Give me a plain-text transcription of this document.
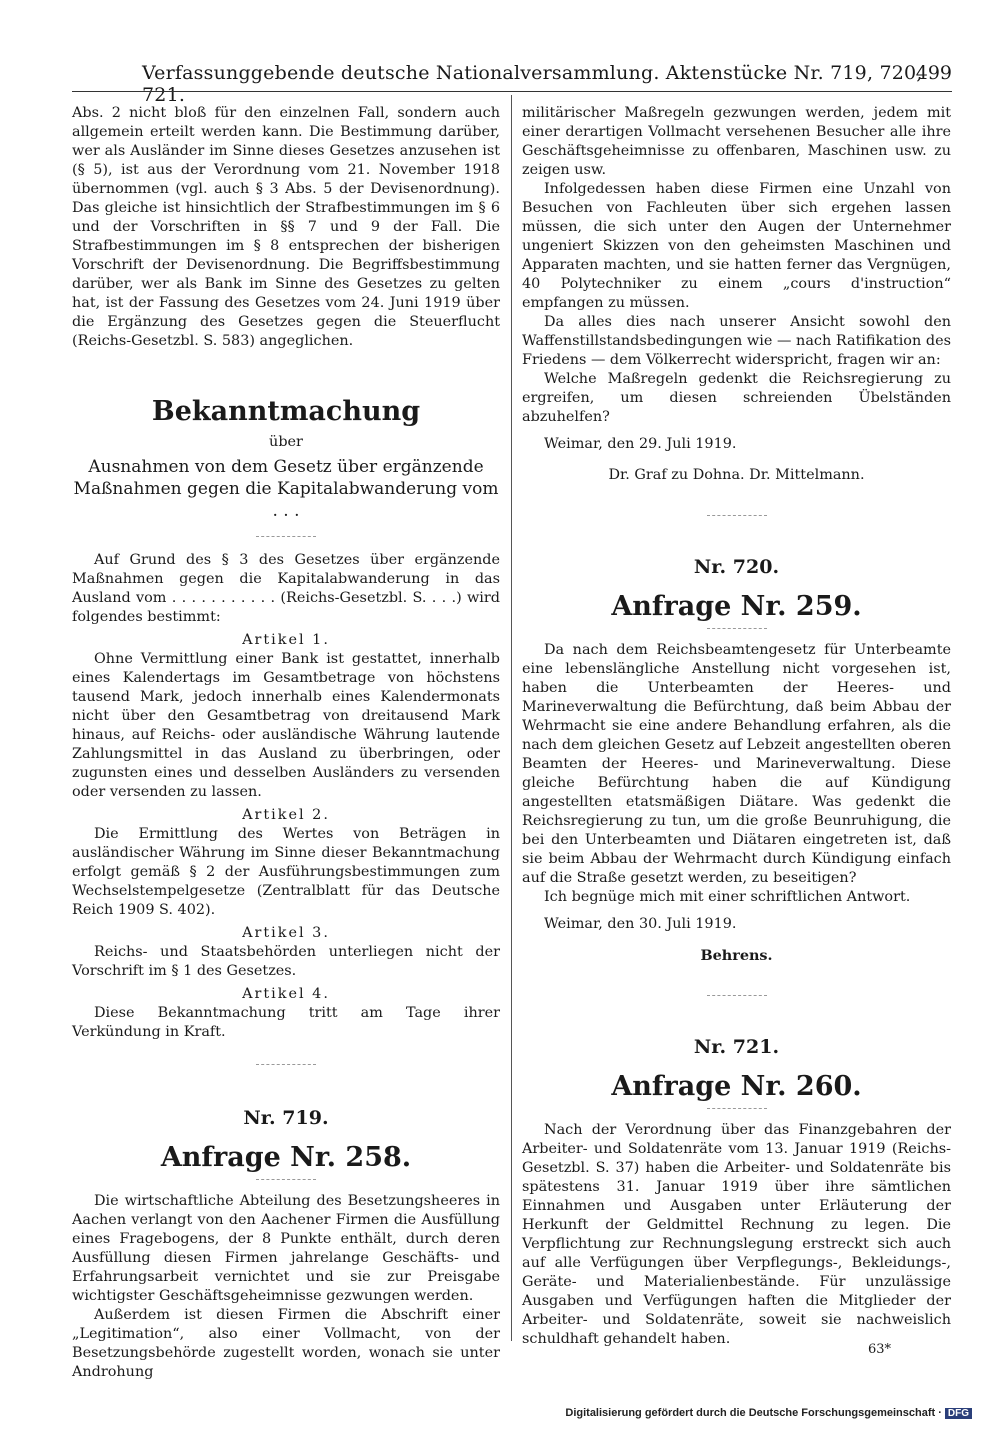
Verfassunggebende deutsche Nationalversammlung. Aktenstücke Nr. 719, 720, 721.
499

Abs. 2 nicht bloß für den einzelnen Fall, sondern auch allgemein erteilt werden kann. Die Bestimmung darüber, wer als Ausländer im Sinne dieses Gesetzes anzusehen ist (§ 5), ist aus der Verordnung vom 21. November 1918 übernommen (vgl. auch § 3 Abs. 5 der Devisenordnung). Das gleiche ist hinsichtlich der Strafbestimmungen im § 6 und der Vorschriften in §§ 7 und 9 der Fall. Die Strafbestimmungen im § 8 entsprechen der bisherigen Vorschrift der Devisenordnung. Die Begriffsbestimmung darüber, wer als Bank im Sinne des Gesetzes zu gelten hat, ist der Fassung des Gesetzes vom 24. Juni 1919 über die Ergänzung des Gesetzes gegen die Steuerflucht (Reichs-Gesetzbl. S. 583) angeglichen.

Bekanntmachung
über
Ausnahmen von dem Gesetz über ergänzende Maßnahmen gegen die Kapitalabwanderung vom . . .

Auf Grund des § 3 des Gesetzes über ergänzende Maßnahmen gegen die Kapitalabwanderung in das Ausland vom . . . . . . . . . . . (Reichs-Gesetzbl. S. . . .) wird folgendes bestimmt:

Artikel 1.

Ohne Vermittlung einer Bank ist gestattet, innerhalb eines Kalendertags im Gesamtbetrage von höchstens tausend Mark, jedoch innerhalb eines Kalendermonats nicht über den Gesamtbetrag von dreitausend Mark hinaus, auf Reichs- oder ausländische Währung lautende Zahlungsmittel in das Ausland zu überbringen, oder zugunsten eines und desselben Ausländers zu versenden oder versenden zu lassen.

Artikel 2.

Die Ermittlung des Wertes von Beträgen in ausländischer Währung im Sinne dieser Bekanntmachung erfolgt gemäß § 2 der Ausführungsbestimmungen zum Wechselstempelgesetze (Zentralblatt für das Deutsche Reich 1909 S. 402).

Artikel 3.

Reichs- und Staatsbehörden unterliegen nicht der Vorschrift im § 1 des Gesetzes.

Artikel 4.

Diese Bekanntmachung tritt am Tage ihrer Verkündung in Kraft.

Nr. 719.
Anfrage Nr. 258.

Die wirtschaftliche Abteilung des Besetzungsheeres in Aachen verlangt von den Aachener Firmen die Ausfüllung eines Fragebogens, der 8 Punkte enthält, durch deren Ausfüllung diesen Firmen jahrelange Geschäfts- und Erfahrungsarbeit vernichtet und sie zur Preisgabe wichtigster Geschäftsgeheimnisse gezwungen werden.

Außerdem ist diesen Firmen die Abschrift einer „Legitimation“, also einer Vollmacht, von der Besetzungsbehörde zugestellt worden, wonach sie unter Androhung

militärischer Maßregeln gezwungen werden, jedem mit einer derartigen Vollmacht versehenen Besucher alle ihre Geschäftsgeheimnisse zu offenbaren, Maschinen usw. zu zeigen usw.

Infolgedessen haben diese Firmen eine Unzahl von Besuchen von Fachleuten über sich ergehen lassen müssen, die sich unter den Augen der Unternehmer ungeniert Skizzen von den geheimsten Maschinen und Apparaten machten, und sie hatten ferner das Vergnügen, 40 Polytechniker zu einem „cours d'instruction“ empfangen zu müssen.

Da alles dies nach unserer Ansicht sowohl den Waffenstillstandsbedingungen wie — nach Ratifikation des Friedens — dem Völkerrecht widerspricht, fragen wir an:

Welche Maßregeln gedenkt die Reichsregierung zu ergreifen, um diesen schreienden Übelständen abzuhelfen?

Weimar, den 29. Juli 1919.

Dr. Graf zu Dohna. Dr. Mittelmann.
Nr. 720.
Anfrage Nr. 259.

Da nach dem Reichsbeamtengesetz für Unterbeamte eine lebenslängliche Anstellung nicht vorgesehen ist, haben die Unterbeamten der Heeres- und Marineverwaltung die Befürchtung, daß beim Abbau der Wehrmacht sie eine andere Behandlung erfahren, als die nach dem gleichen Gesetz auf Lebzeit angestellten oberen Beamten der Heeres- und Marineverwaltung. Diese gleiche Befürchtung haben die auf Kündigung angestellten etatsmäßigen Diätare. Was gedenkt die Reichsregierung zu tun, um die große Beunruhigung, die bei den Unterbeamten und Diätaren eingetreten ist, daß sie beim Abbau der Wehrmacht durch Kündigung einfach auf die Straße gesetzt werden, zu beseitigen?

Ich begnüge mich mit einer schriftlichen Antwort.

Weimar, den 30. Juli 1919.

Behrens.
Nr. 721.
Anfrage Nr. 260.

Nach der Verordnung über das Finanzgebahren der Arbeiter- und Soldatenräte vom 13. Januar 1919 (Reichs-Gesetzbl. S. 37) haben die Arbeiter- und Soldatenräte bis spätestens 31. Januar 1919 über ihre sämtlichen Einnahmen und Ausgaben unter Erläuterung der Herkunft der Geldmittel Rechnung zu legen. Die Verpflichtung zur Rechnungslegung erstreckt sich auch auf alle Verfügungen über Verpflegungs-, Bekleidungs-, Geräte- und Materialienbestände. Für unzulässige Ausgaben und Verfügungen haften die Mitglieder der Arbeiter- und Soldatenräte, soweit sie nachweislich schuldhaft gehandelt haben.

63*
Digitalisierung gefördert durch die Deutsche Forschungsgemeinschaft · DFG
